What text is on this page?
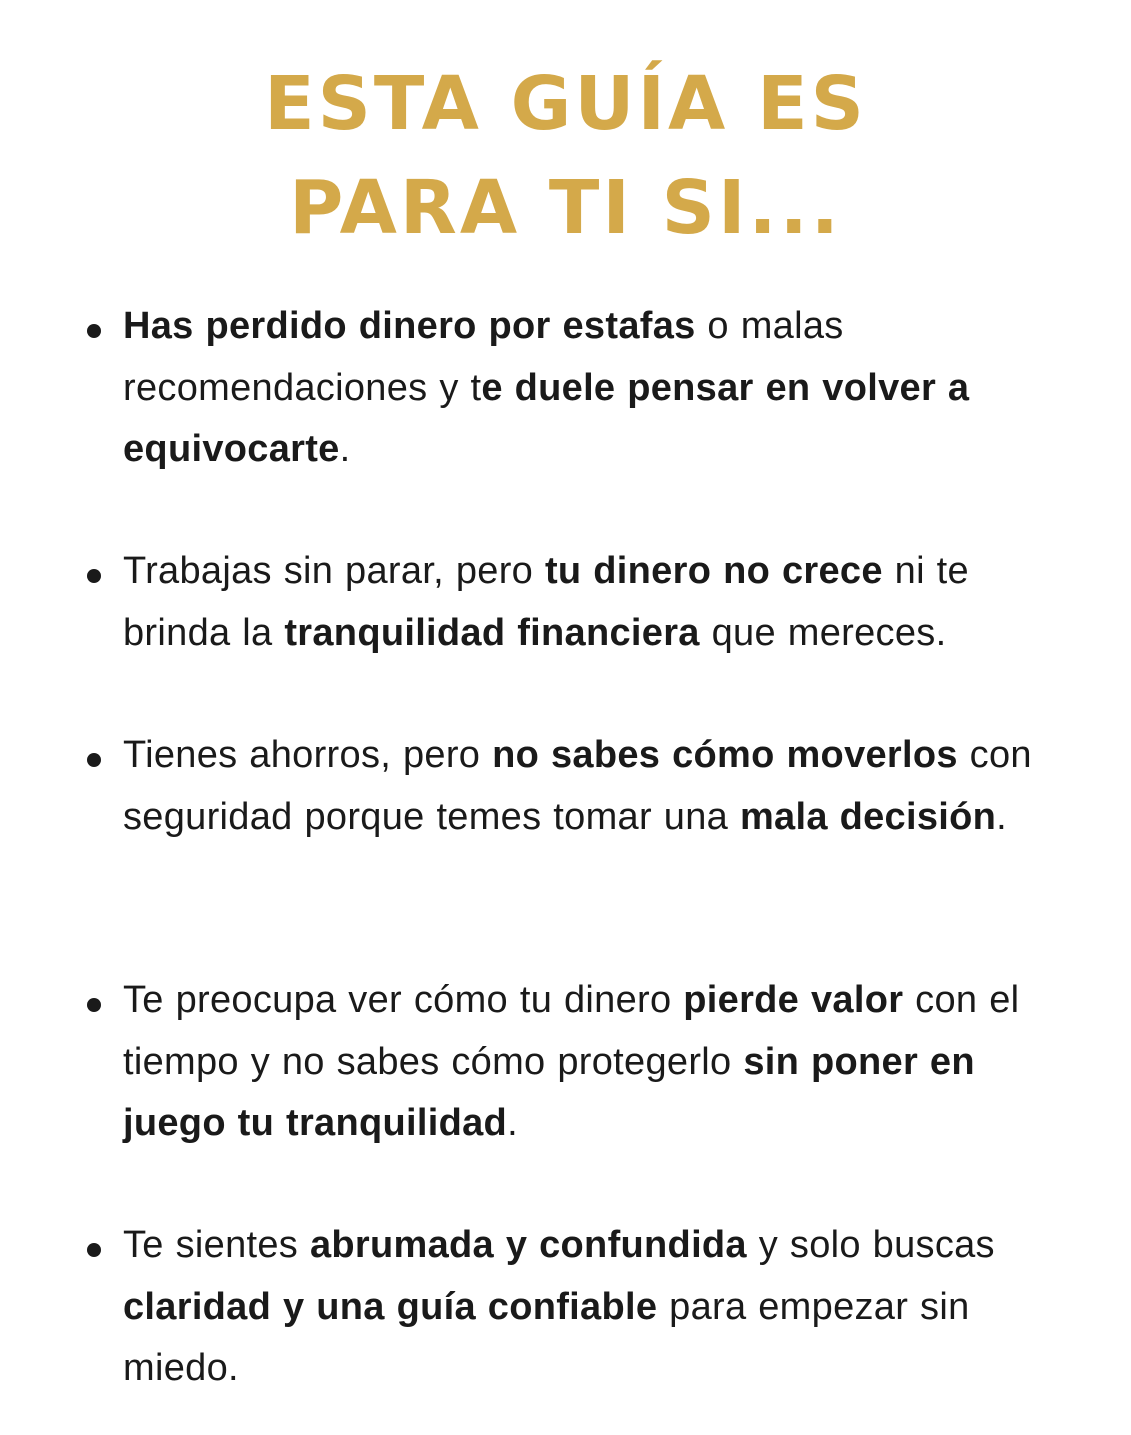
ESTA GUÍA ES
PARA TI SI...

Has perdido dinero por estafas o malas recomendaciones y te duele pensar en volver a equivocarte.

Trabajas sin parar, pero tu dinero no crece ni te brinda la tranquilidad financiera que mereces.

Tienes ahorros, pero no sabes cómo moverlos con seguridad porque temes tomar una mala decisión.

Te preocupa ver cómo tu dinero pierde valor con el tiempo y no sabes cómo protegerlo sin poner en juego tu tranquilidad.

Te sientes abrumada y confundida y solo buscas claridad y una guía confiable para empezar sin miedo.
